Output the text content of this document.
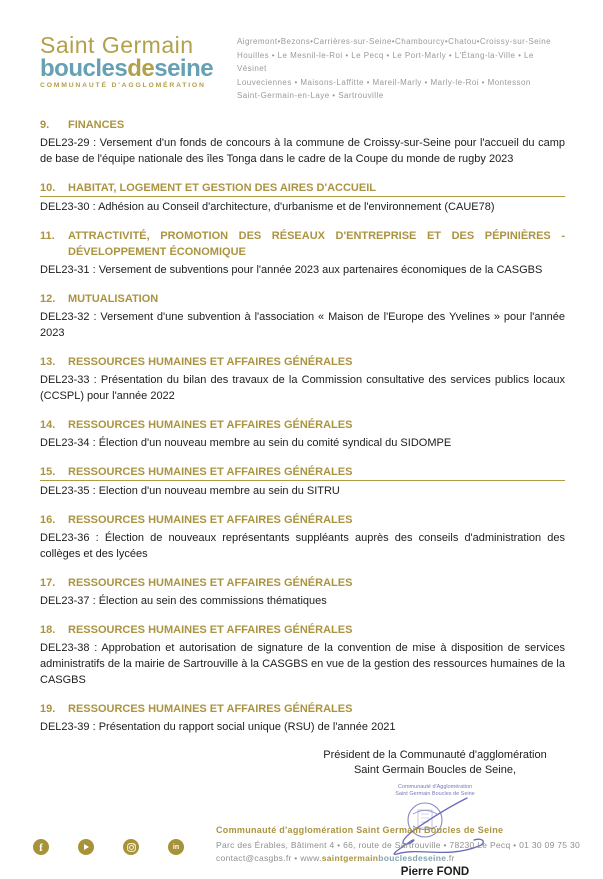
Saint Germain
bouclesdeseine
COMMUNAUTÉ D'AGGLOMÉRATION
Aigremont•Bezons•Carrières-sur-Seine•Chambourcy•Chatou•Croissy-sur-Seine
Houilles • Le Mesnil-le-Roi • Le Pecq • Le Port-Marly • L'Étang-la-Ville • Le Vésinet
Louveciennes • Maisons-Laffitte • Mareil-Marly • Marly-le-Roi • Montesson
Saint-Germain-en-Laye • Sartrouville
9.	FINANCES
DEL23-29 : Versement d'un fonds de concours à la commune de Croissy-sur-Seine pour l'accueil du camp de base de l'équipe nationale des îles Tonga dans le cadre de la Coupe du monde de rugby 2023
10.	HABITAT, LOGEMENT ET GESTION DES AIRES D'ACCUEIL
DEL23-30 : Adhésion au Conseil d'architecture, d'urbanisme et de l'environnement (CAUE78)
11.	ATTRACTIVITÉ, PROMOTION DES RÉSEAUX D'ENTREPRISE ET DES PÉPINIÈRES - DÉVELOPPEMENT ÉCONOMIQUE
DEL23-31 : Versement de subventions pour l'année 2023 aux partenaires économiques de la CASGBS
12.	MUTUALISATION
DEL23-32 : Versement d'une subvention à l'association « Maison de l'Europe des Yvelines » pour l'année 2023
13.	RESSOURCES HUMAINES ET AFFAIRES GÉNÉRALES
DEL23-33 : Présentation du bilan des travaux de la Commission consultative des services publics locaux (CCSPL) pour l'année 2022
14.	RESSOURCES HUMAINES ET AFFAIRES GÉNÉRALES
DEL23-34 : Élection d'un nouveau membre au sein du comité syndical du SIDOMPE
15.	RESSOURCES HUMAINES ET AFFAIRES GÉNÉRALES
DEL23-35 : Election d'un nouveau membre au sein du SITRU
16.	RESSOURCES HUMAINES ET AFFAIRES GÉNÉRALES
DEL23-36 : Élection de nouveaux représentants suppléants auprès des conseils d'administration des collèges et des lycées
17.	RESSOURCES HUMAINES ET AFFAIRES GÉNÉRALES
DEL23-37 : Élection au sein des commissions thématiques
18.	RESSOURCES HUMAINES ET AFFAIRES GÉNÉRALES
DEL23-38 : Approbation et autorisation de signature de la convention de mise à disposition de services administratifs de la mairie de Sartrouville à la CASGBS en vue de la gestion des ressources humaines de la CASGBS
19.	RESSOURCES HUMAINES ET AFFAIRES GÉNÉRALES
DEL23-39 : Présentation du rapport social unique (RSU) de l'année 2021
Président de la Communauté d'agglomération
Saint Germain Boucles de Seine,
Communauté d'Agglomération
Saint Germain Boucles de Seine
Pierre FOND
f	in
Communauté d'agglomération Saint Germain Boucles de Seine
Parc des Érables, Bâtiment 4 • 66, route de Sartrouville • 78230 Le Pecq • 01 30 09 75 30
contact@casgbs.fr • www.saintgermainbouclesdeseine.fr
